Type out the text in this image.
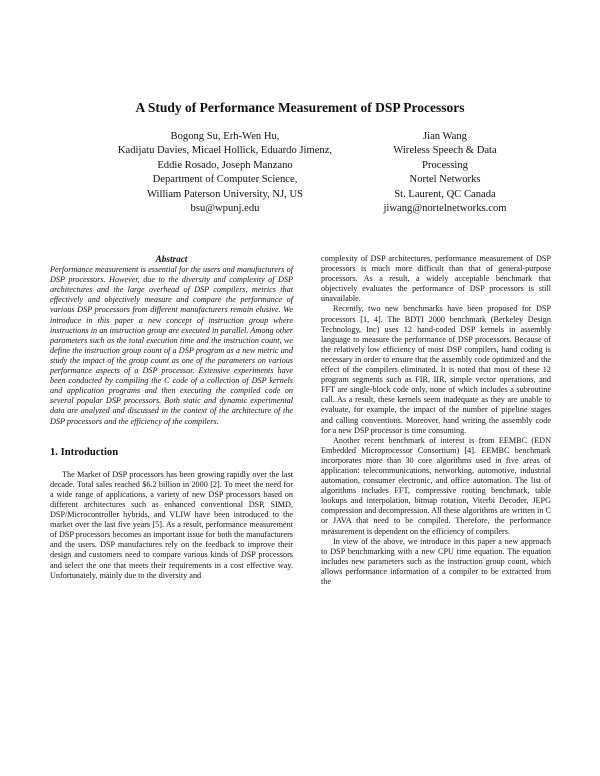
A Study of Performance Measurement of DSP Processors
Bogong Su, Erh-Wen Hu,
Kadijatu Davies, Micael Hollick, Eduardo Jimenz,
Eddie Rosado, Joseph Manzano
Department of Computer Science,
William Paterson University, NJ, US
bsu@wpunj.edu
Jian Wang
Wireless Speech & Data
Processing
Nortel Networks
St. Laurent, QC Canada
jiwang@nortelnetworks.com
Abstract

Performance measurement is essential for the users and manufacturers of DSP processors. However, due to the diversity and complexity of DSP architectures and the large overhead of DSP compilers, metrics that effectively and objectively measure and compare the performance of various DSP processors from different manufacturers remain elusive. We introduce in this paper a new concept of instruction group where instructions in an instruction group are executed in parallel. Among other parameters such as the total execution time and the instruction count, we define the instruction group count of a DSP program as a new metric and study the impact of the group count as one of the parameters on various performance aspects of a DSP processor. Extensive experiments have been conducted by compiling the C code of a collection of DSP kernels and application programs and then executing the compiled code on several popular DSP processors. Both static and dynamic experimental data are analyzed and discussed in the context of the architecture of the DSP processors and the efficiency of the compilers.

1. Introduction

The Market of DSP processors has been growing rapidly over the last decade. Total sales reached $6.2 billion in 2000 [2]. To meet the need for a wide range of applications, a variety of new DSP processors based on different architectures such as enhanced conventional DSP, SIMD, DSP/Microcontroller hybrids, and VLIW have been introduced to the market over the last five years [5]. As a result, performance measurement of DSP processors becomes an important issue for both the manufacturers and the users. DSP manufactures rely on the feedback to improve their design and customers need to compare various kinds of DSP processors and select the one that meets their requirements in a cost effective way. Unfortunately, mainly due to the diversity and

complexity of DSP architectures, performance measurement of DSP processors is much more difficult than that of general-purpose processors. As a result, a widely acceptable benchmark that objectively evaluates the performance of DSP processors is still unavailable.

Recently, two new benchmarks have been proposed for DSP processors [1, 4]. The BDTI 2000 benchmark (Berkeley Design Technology, Inc) uses 12 hand-coded DSP kernels in assembly language to measure the performance of DSP processors. Because of the relatively low efficiency of most DSP compilers, hand coding is necessary in order to ensure that the assembly code optimized and the effect of the compilers eliminated. It is noted that most of these 12 program segments such as FIR, IIR, simple vector operations, and FFT are single-block code only, none of which includes a subroutine call. As a result, these kernels seem inadequate as they are unable to evaluate, for example, the impact of the number of pipeline stages and calling conventions. Moreover, hand writing the assembly code for a new DSP processor is time consuming.

Another recent benchmark of interest is from EEMBC (EDN Embedded Microprocessor Consortium) [4]. EEMBC benchmark incorporates more than 30 core algorithms used in five areas of application: telecommunications, networking, automotive, industrial automation, consumer electronic, and office automation. The list of algorithms includes FFT, compressive routing benchmark, table lookups and interpolation, bitmap rotation, Viterbi Decoder, JEPG compression and decompression. All these algorithms are written in C or JAVA that need to be compiled. Therefore, the performance measurement is dependent on the efficiency of compilers.

In view of the above, we introduce in this paper a new approach to DSP benchmarking with a new CPU time equation. The equation includes new parameters such as the instruction group count, which allows performance information of a compiler to be extracted from the
